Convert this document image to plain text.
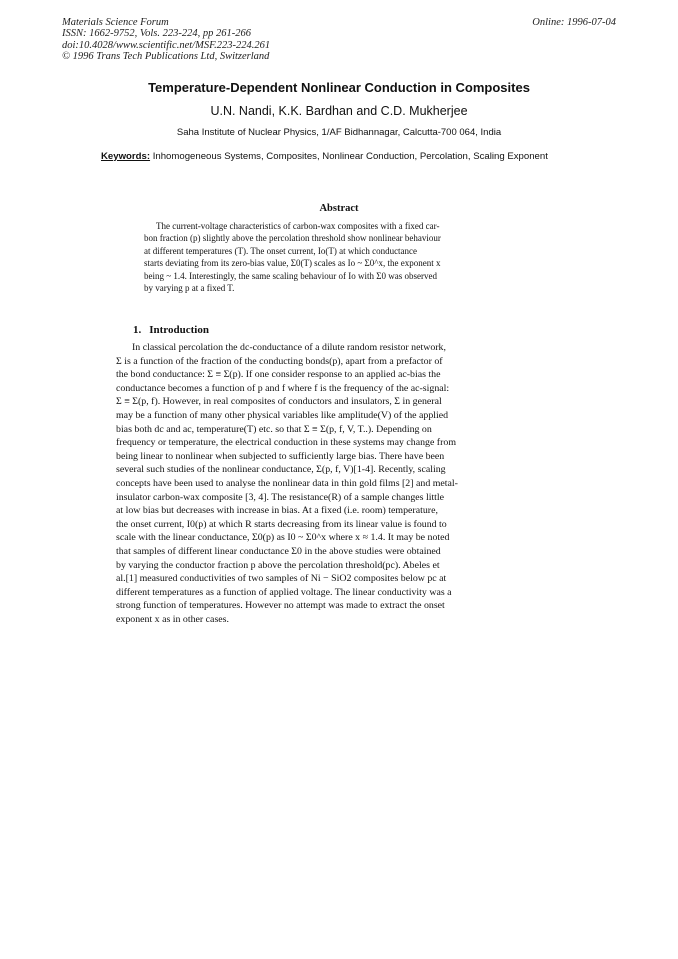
Materials Science Forum
ISSN: 1662-9752, Vols. 223-224, pp 261-266
doi:10.4028/www.scientific.net/MSF.223-224.261
© 1996 Trans Tech Publications Ltd, Switzerland
Online: 1996-07-04
Temperature-Dependent Nonlinear Conduction in Composites
U.N. Nandi, K.K. Bardhan and C.D. Mukherjee
Saha Institute of Nuclear Physics, 1/AF Bidhannagar, Calcutta-700 064, India
Keywords: Inhomogeneous Systems, Composites, Nonlinear Conduction, Percolation, Scaling Exponent
Abstract
The current-voltage characteristics of carbon-wax composites with a fixed car-
bon fraction (p) slightly above the percolation threshold show nonlinear behaviour
at different temperatures (T). The onset current, Io(T) at which conductance
starts deviating from its zero-bias value, Σ0(T) scales as Io ~ Σ0^x, the exponent x
being ~ 1.4. Interestingly, the same scaling behaviour of Io with Σ0 was observed
by varying p at a fixed T.
1. Introduction
In classical percolation the dc-conductance of a dilute random resistor network,
Σ is a function of the fraction of the conducting bonds(p), apart from a prefactor of
the bond conductance: Σ ≡ Σ(p). If one consider response to an applied ac-bias the
conductance becomes a function of p and f where f is the frequency of the ac-signal:
Σ ≡ Σ(p, f). However, in real composites of conductors and insulators, Σ in general
may be a function of many other physical variables like amplitude(V) of the applied
bias both dc and ac, temperature(T) etc. so that Σ ≡ Σ(p, f, V, T..). Depending on
frequency or temperature, the electrical conduction in these systems may change from
being linear to nonlinear when subjected to sufficiently large bias. There have been
several such studies of the nonlinear conductance, Σ(p, f, V)[1-4]. Recently, scaling
concepts have been used to analyse the nonlinear data in thin gold films [2] and metal-
insulator carbon-wax composite [3, 4]. The resistance(R) of a sample changes little
at low bias but decreases with increase in bias. At a fixed (i.e. room) temperature,
the onset current, I0(p) at which R starts decreasing from its linear value is found to
scale with the linear conductance, Σ0(p) as I0 ~ Σ0^x where x ≈ 1.4. It may be noted
that samples of different linear conductance Σ0 in the above studies were obtained
by varying the conductor fraction p above the percolation threshold(pc). Abeles et
al.[1] measured conductivities of two samples of Ni − SiO2 composites below pc at
different temperatures as a function of applied voltage. The linear conductivity was a
strong function of temperatures. However no attempt was made to extract the onset
exponent x as in other cases.
